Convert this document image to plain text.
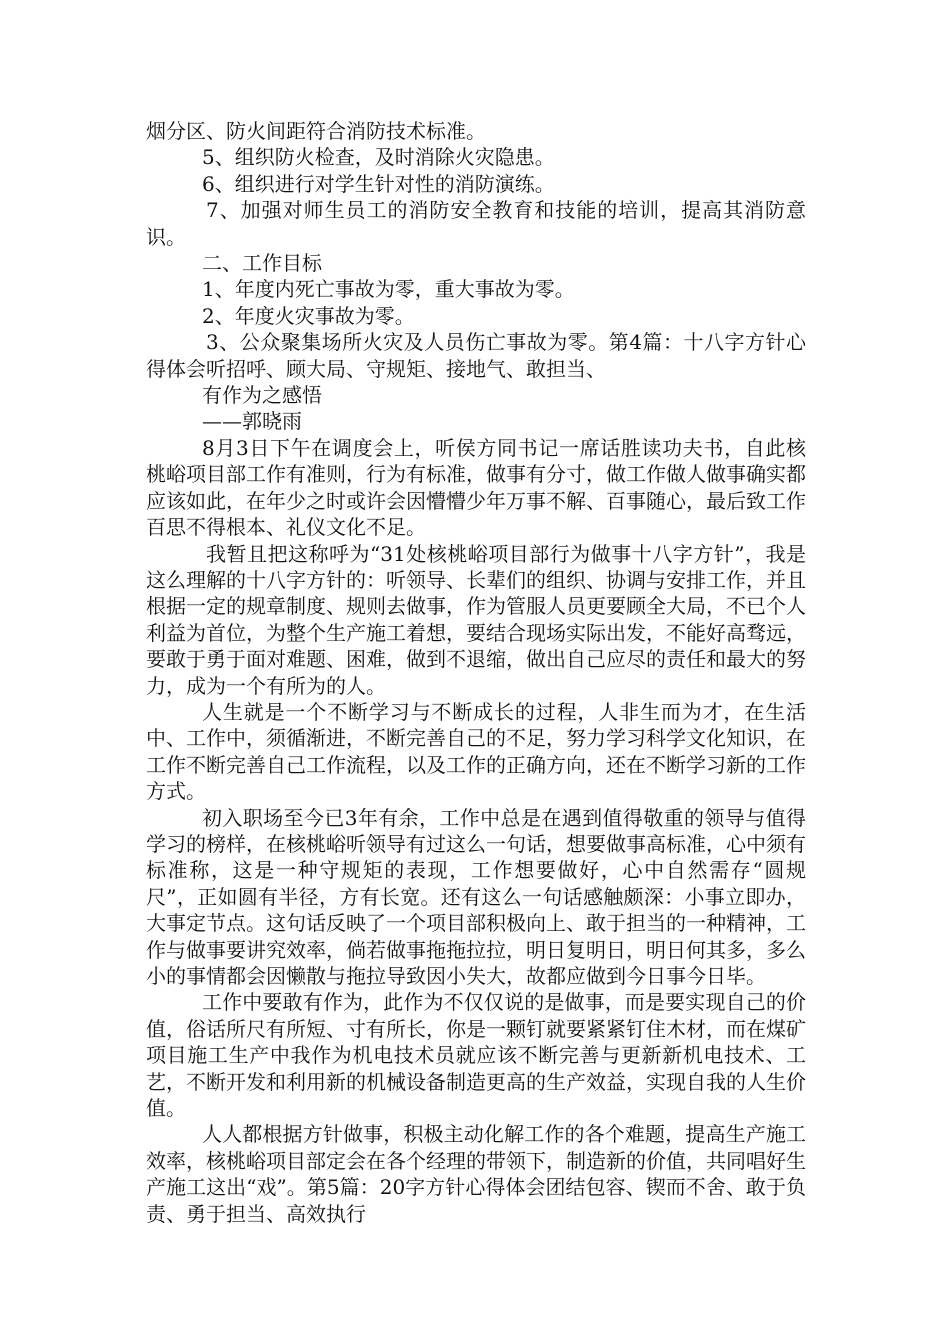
烟分区、防火间距符合消防技术标准。

5、组织防火检查，及时消除火灾隐患。

6、组织进行对学生针对性的消防演练。

7、加强对师生员工的消防安全教育和技能的培训，提高其消防意识。

二、工作目标

1、年度内死亡事故为零，重大事故为零。

2、年度火灾事故为零。

3、公众聚集场所火灾及人员伤亡事故为零。第4篇：十八字方针心得体会听招呼、顾大局、守规矩、接地气、敢担当、

有作为之感悟

——郭晓雨

8月3日下午在调度会上，听侯方同书记一席话胜读功夫书，自此核桃峪项目部工作有准则，行为有标准，做事有分寸，做工作做人做事确实都应该如此，在年少之时或许会因懵懵少年万事不解、百事随心，最后致工作百思不得根本、礼仪文化不足。

我暂且把这称呼为“31处核桃峪项目部行为做事十八字方针”，我是这么理解的十八字方针的：听领导、长辈们的组织、协调与安排工作，并且根据一定的规章制度、规则去做事，作为管服人员更要顾全大局，不已个人利益为首位，为整个生产施工着想，要结合现场实际出发，不能好高骛远，要敢于勇于面对难题、困难，做到不退缩，做出自己应尽的责任和最大的努力，成为一个有所为的人。

人生就是一个不断学习与不断成长的过程，人非生而为才，在生活中、工作中，须循渐进，不断完善自己的不足，努力学习科学文化知识，在工作不断完善自己工作流程，以及工作的正确方向，还在不断学习新的工作方式。

初入职场至今已3年有余，工作中总是在遇到值得敬重的领导与值得学习的榜样，在核桃峪听领导有过这么一句话，想要做事高标准，心中须有标准称，这是一种守规矩的表现，工作想要做好，心中自然需存“圆规尺”，正如圆有半径，方有长宽。还有这么一句话感触颇深：小事立即办，大事定节点。这句话反映了一个项目部积极向上、敢于担当的一种精神，工作与做事要讲究效率，倘若做事拖拖拉拉，明日复明日，明日何其多，多么小的事情都会因懒散与拖拉导致因小失大，故都应做到今日事今日毕。

工作中要敢有作为，此作为不仅仅说的是做事，而是要实现自己的价值，俗话所尺有所短、寸有所长，你是一颗钉就要紧紧钉住木材，而在煤矿项目施工生产中我作为机电技术员就应该不断完善与更新新机电技术、工艺，不断开发和利用新的机械设备制造更高的生产效益，实现自我的人生价值。

人人都根据方针做事，积极主动化解工作的各个难题，提高生产施工效率，核桃峪项目部定会在各个经理的带领下，制造新的价值，共同唱好生产施工这出“戏”。第5篇：20字方针心得体会团结包容、锲而不舍、敢于负责、勇于担当、高效执行
